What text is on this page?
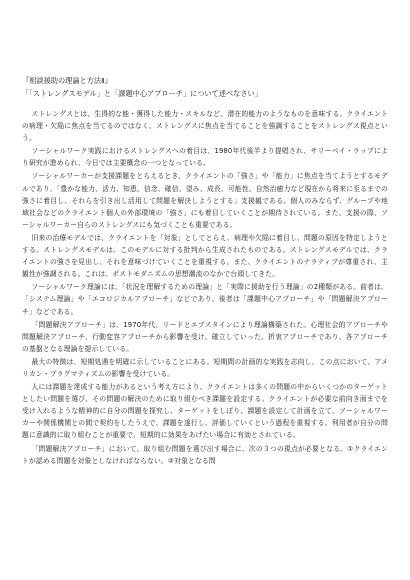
『相談援助の理論と方法Ⅱ』

「「ストレングスモデル」と「課題中心アプローチ」について述べなさい」

ストレングスとは、生得的な能・獲得した能力・スキルなど、潜在的能力のようなものを意味する。クライエントの病理・欠陥に焦点を当てるのではなく、ストレングスに焦点を当てることを強調することをストレングス視点という。

ソーシャルワーク実践におけるストレングスへの着目は、1980年代後半より提唱され、サリーベイ・ラップにより研究が進められ、今日では主要概念の一つとなっている。

ソーシャルワーカーが支援課題をとらえるとき、クライエントの「強さ」や「能力」に焦点を当てようとするモデルであり、「豊かな能力、活力、知恵、信念、確信、望み、成長、可能性、自然治癒力など現在から将来に至るまでの強さに着目し、それらを引き出し活用して問題を解決しようとする」支援観である。個人のみならず、グループや地域社会などのクライエント個人の外部環境の「強さ」にも着目していくことが期待されている。また、支援の際、ソーシャルワーカー自らのストレングスにも気づくことも重要である。

旧来の治療モデルでは、クライエントを「対象」としてとらえ、病理や欠陥に着目し、問題の原因を特定しようとする。ストレングスモデルは、このモデルに対する批判から生成されたものである。ストレングスモデルでは、クライエントの強さを見出し、それを意味づけていくことを重視する。また、クライエントのナラティブが尊重され、主観性が強調される。これは、ポストモダニズムの思想潮流のなかで台頭してきた。

ソーシャルワーク理論には、「状況を理解するための理論」と「実際に援助を行う理論」の2種類がある。前者は、「システム理論」や「エコロジカルアプローチ」などであり、後者は「課題中心アプローチ」や「問題解決アプローチ」などである。

「問題解決アプローチ」は、1970年代、リードとエプスタインにより理論構築された。心理社会的アプローチや問題解決アプローチ、行動変容アプローチから影響を受け、確立していった。折衷アプローチであり、各アプローチの基盤となる理論を提示している。

最大の特徴は、短期処遇を明確に示していることにある。短期間の計画的な実践を志向し、この点において、アメリカン・プラグマティズムの影響を受けている。

人には課題を達成する能力があるという考え方により、クライエントは多くの問題の中からいくつかのターゲットとしたい問題を選び、その問題の解決のために取り組むべき課題を設定する。クライエントが必要な前向き面までを受け入れるような精神的に自分の問題を探究し、ターゲットをしぼり、課題を設定して計画を立て、ソーシャルワーカーや関係機関との間で契約をしたうえで、課題を遂行し、評価していくという過程を重視する。利用者が自分の問題に意識的に取り組むことが重要で、短期的に効果をあげたい場合に有効とされている。

「問題解決アプローチ」において、取り組む問題を選び出す場合に、次の３つの視点が必要となる。①クライエントが認める問題を対象としなければならない。②対象となる問
